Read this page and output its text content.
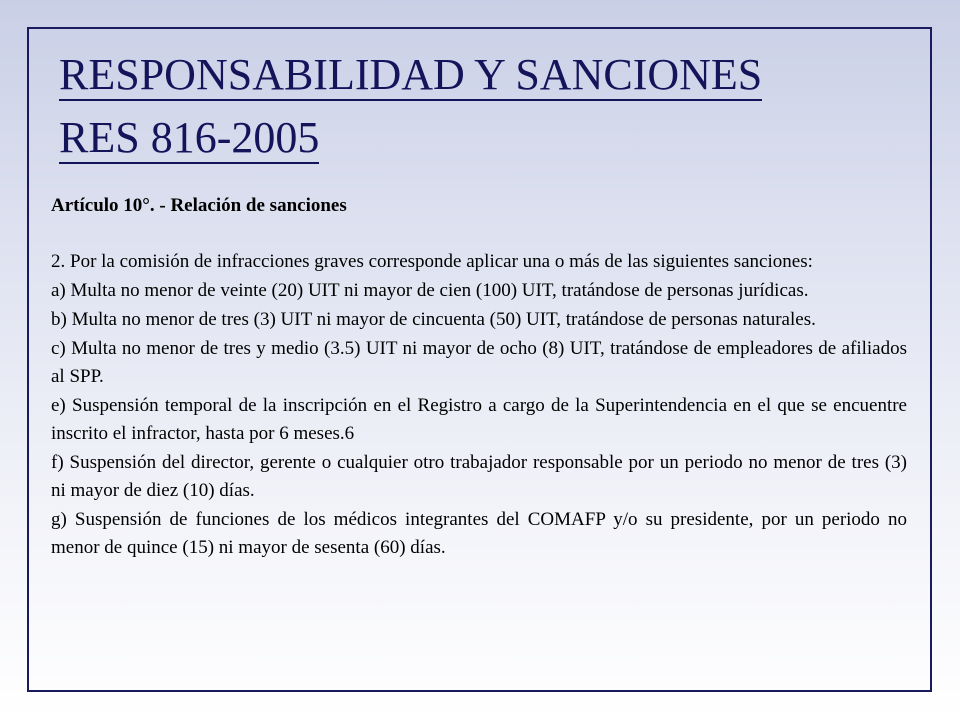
RESPONSABILIDAD Y SANCIONES
RES 816-2005
Artículo 10°. - Relación de sanciones

2. Por la comisión de infracciones graves corresponde aplicar una o más de las siguientes sanciones:

a) Multa no menor de veinte (20) UIT ni mayor de cien (100) UIT, tratándose de personas jurídicas.

b) Multa no menor de tres (3) UIT ni mayor de cincuenta (50) UIT, tratándose de personas naturales.

c) Multa no menor de tres y medio (3.5) UIT ni mayor de ocho (8) UIT, tratándose de empleadores de afiliados al SPP.

e) Suspensión temporal de la inscripción en el Registro a cargo de la Superintendencia en el que se encuentre inscrito el infractor, hasta por 6 meses.6

f) Suspensión del director, gerente o cualquier otro trabajador responsable por un periodo no menor de tres (3) ni mayor de diez (10) días.

g) Suspensión de funciones de los médicos integrantes del COMAFP y/o su presidente, por un periodo no menor de quince (15) ni mayor de sesenta (60) días.
